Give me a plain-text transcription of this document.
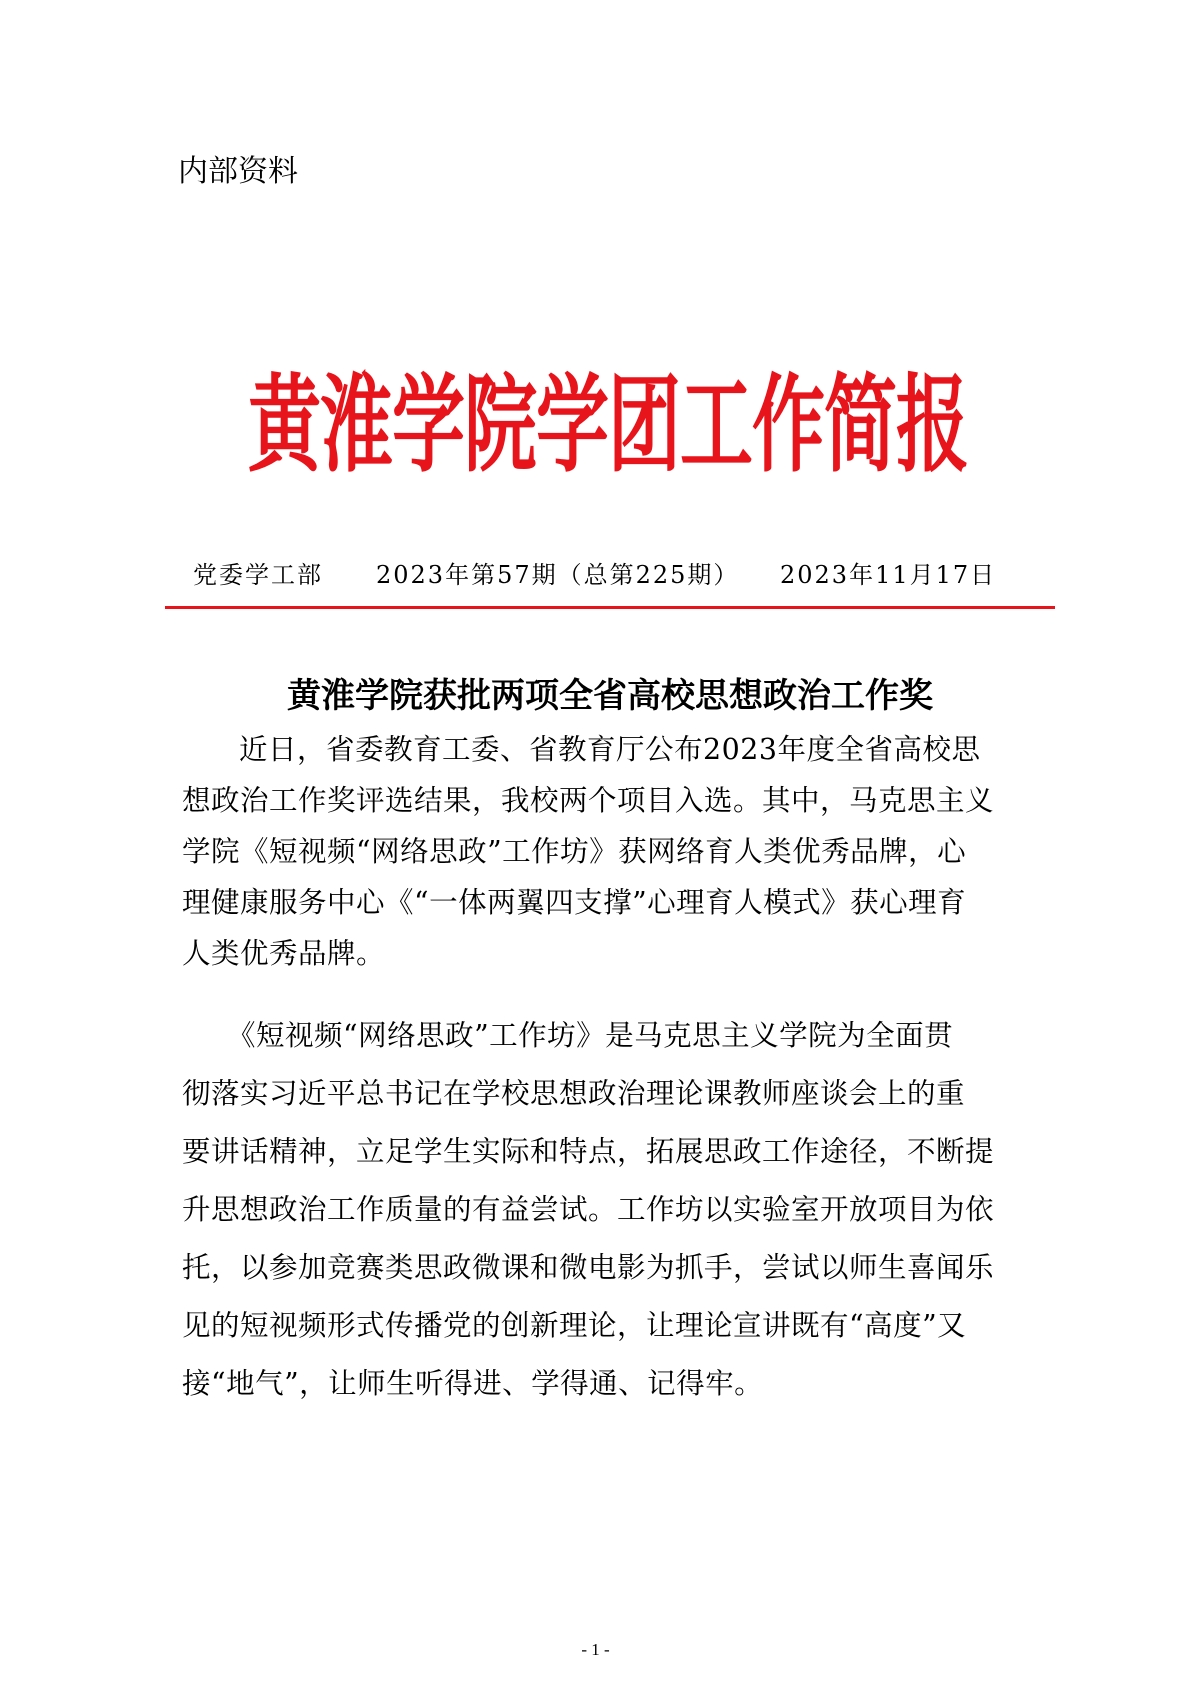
内部资料
黄淮学院学团工作简报
党委学工部 2023年第57期（总第225期） 2023年11月17日
黄淮学院获批两项全省高校思想政治工作奖
近日，省委教育工委、省教育厅公布2023年度全省高校思
想政治工作奖评选结果，我校两个项目入选。其中，马克思主义
学院《短视频“网络思政”工作坊》获网络育人类优秀品牌，心
理健康服务中心《“一体两翼四支撑”心理育人模式》获心理育
人类优秀品牌。
《短视频“网络思政”工作坊》是马克思主义学院为全面贯
彻落实习近平总书记在学校思想政治理论课教师座谈会上的重
要讲话精神，立足学生实际和特点，拓展思政工作途径，不断提
升思想政治工作质量的有益尝试。工作坊以实验室开放项目为依
托，以参加竞赛类思政微课和微电影为抓手，尝试以师生喜闻乐
见的短视频形式传播党的创新理论，让理论宣讲既有“高度”又
接“地气”，让师生听得进、学得通、记得牢。
- 1 -
